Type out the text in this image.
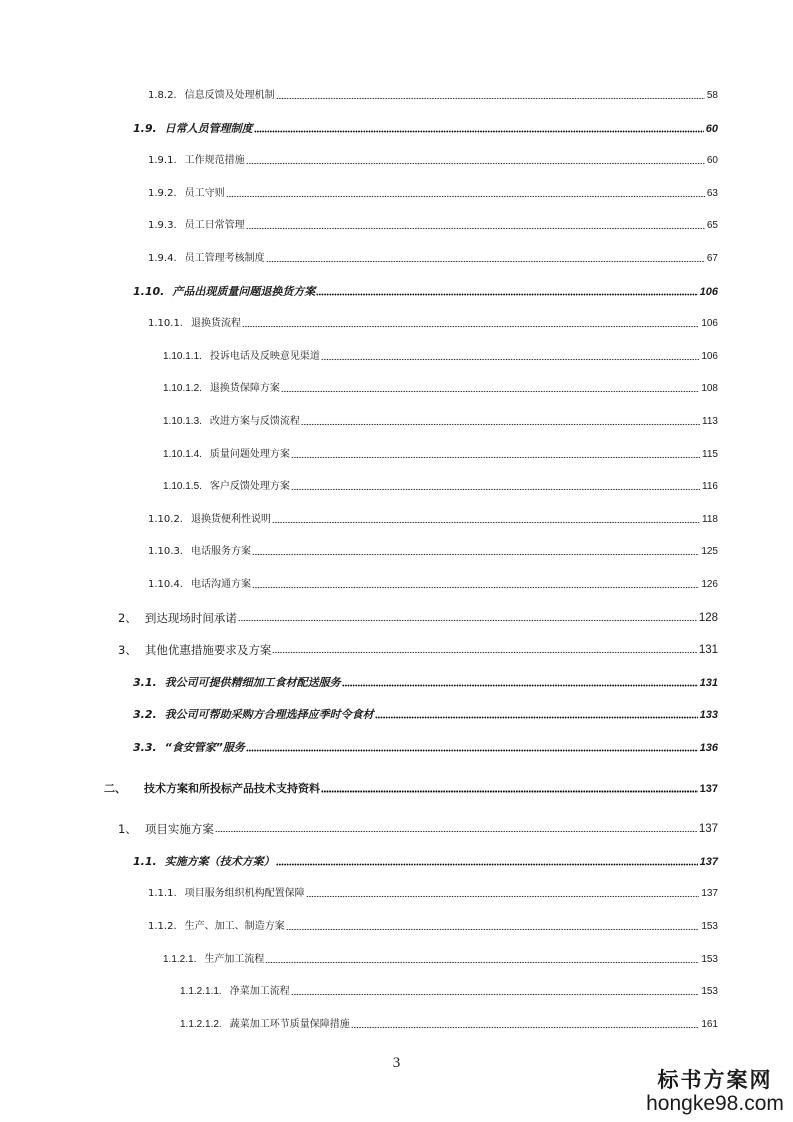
1.8.2. 信息反馈及处理机制	58
1.9. 日常人员管理制度	60
1.9.1. 工作规范措施	60
1.9.2. 员工守则	63
1.9.3. 员工日常管理	65
1.9.4. 员工管理考核制度	67
1.10. 产品出现质量问题退换货方案	106
1.10.1. 退换货流程	106
1.10.1.1. 投诉电话及反映意见渠道	106
1.10.1.2. 退换货保障方案	108
1.10.1.3. 改进方案与反馈流程	113
1.10.1.4. 质量问题处理方案	115
1.10.1.5. 客户反馈处理方案	116
1.10.2. 退换货便利性说明	118
1.10.3. 电话服务方案	125
1.10.4. 电话沟通方案	126
2、 到达现场时间承诺	128
3、 其他优惠措施要求及方案	131
3.1. 我公司可提供精细加工食材配送服务	131
3.2. 我公司可帮助采购方合理选择应季时令食材	133
3.3. “食安管家”服务	136
二、 技术方案和所投标产品技术支持资料	137
1、 项目实施方案	137
1.1. 实施方案（技术方案）	137
1.1.1. 项目服务组织机构配置保障	137
1.1.2. 生产、加工、制造方案	153
1.1.2.1. 生产加工流程	153
1.1.2.1.1. 净菜加工流程	153
1.1.2.1.2. 蔬菜加工环节质量保障措施	161
3
标书方案网
hongke98.com
